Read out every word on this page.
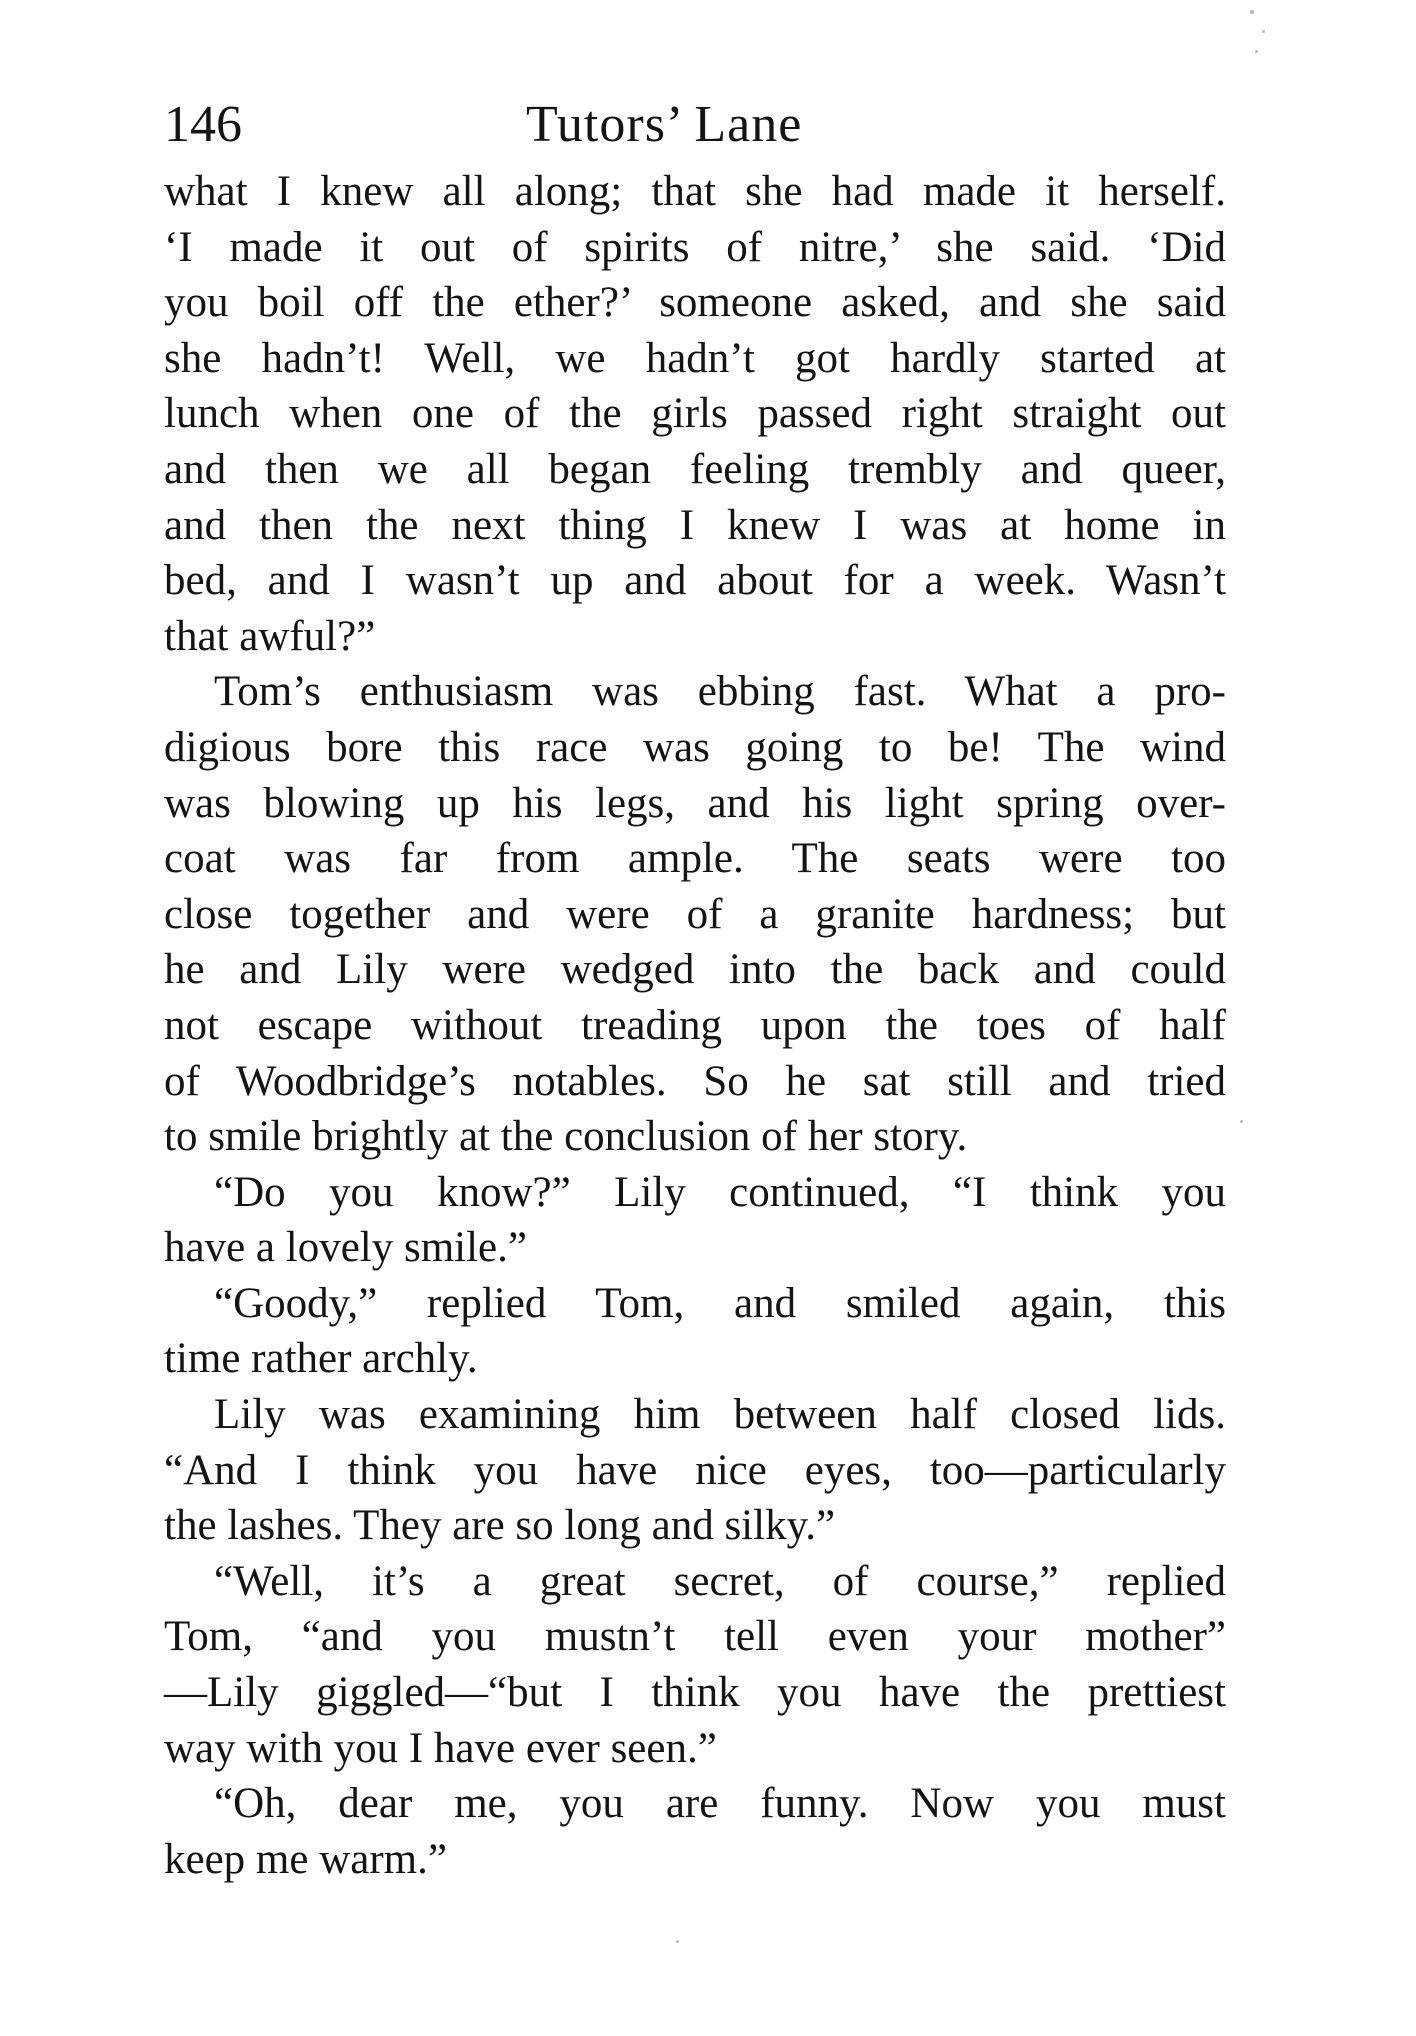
146	Tutors’ Lane
what I knew all along; that she had made it herself.
‘I made it out of spirits of nitre,’ she said. ‘Did
you boil off the ether?’ someone asked, and she said
she hadn’t! Well, we hadn’t got hardly started at
lunch when one of the girls passed right straight out
and then we all began feeling trembly and queer,
and then the next thing I knew I was at home in
bed, and I wasn’t up and about for a week. Wasn’t
that awful?”
Tom’s enthusiasm was ebbing fast. What a pro-
digious bore this race was going to be! The wind
was blowing up his legs, and his light spring over-
coat was far from ample. The seats were too
close together and were of a granite hardness; but
he and Lily were wedged into the back and could
not escape without treading upon the toes of half
of Woodbridge’s notables. So he sat still and tried
to smile brightly at the conclusion of her story.
“Do you know?” Lily continued, “I think you
have a lovely smile.”
“Goody,” replied Tom, and smiled again, this
time rather archly.
Lily was examining him between half closed lids.
“And I think you have nice eyes, too—particularly
the lashes. They are so long and silky.”
“Well, it’s a great secret, of course,” replied
Tom, “and you mustn’t tell even your mother”
—Lily giggled—“but I think you have the prettiest
way with you I have ever seen.”
“Oh, dear me, you are funny. Now you must
keep me warm.”
